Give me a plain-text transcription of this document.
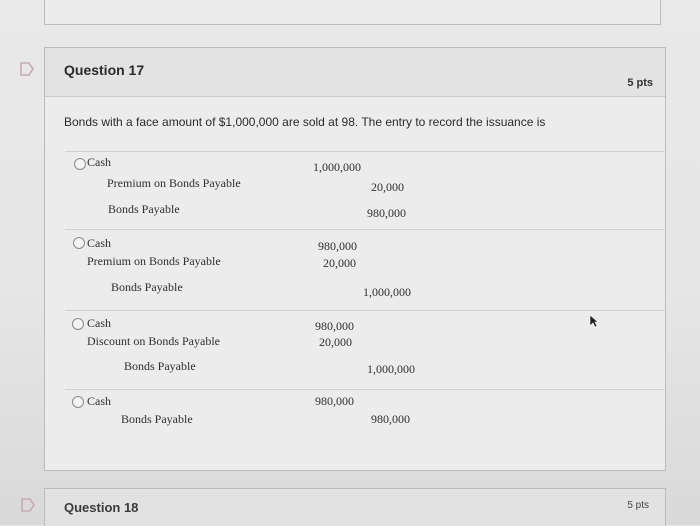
Question 17
5 pts
Bonds with a face amount of $1,000,000 are sold at 98. The entry to record the issuance is
Cash	1,000,000
Premium on Bonds Payable	20,000
Bonds Payable	980,000
Cash	980,000
Premium on Bonds Payable	20,000
Bonds Payable	1,000,000
Cash	980,000
Discount on Bonds Payable	20,000
Bonds Payable	1,000,000
Cash	980,000
Bonds Payable	980,000
Question 18	5 pts
